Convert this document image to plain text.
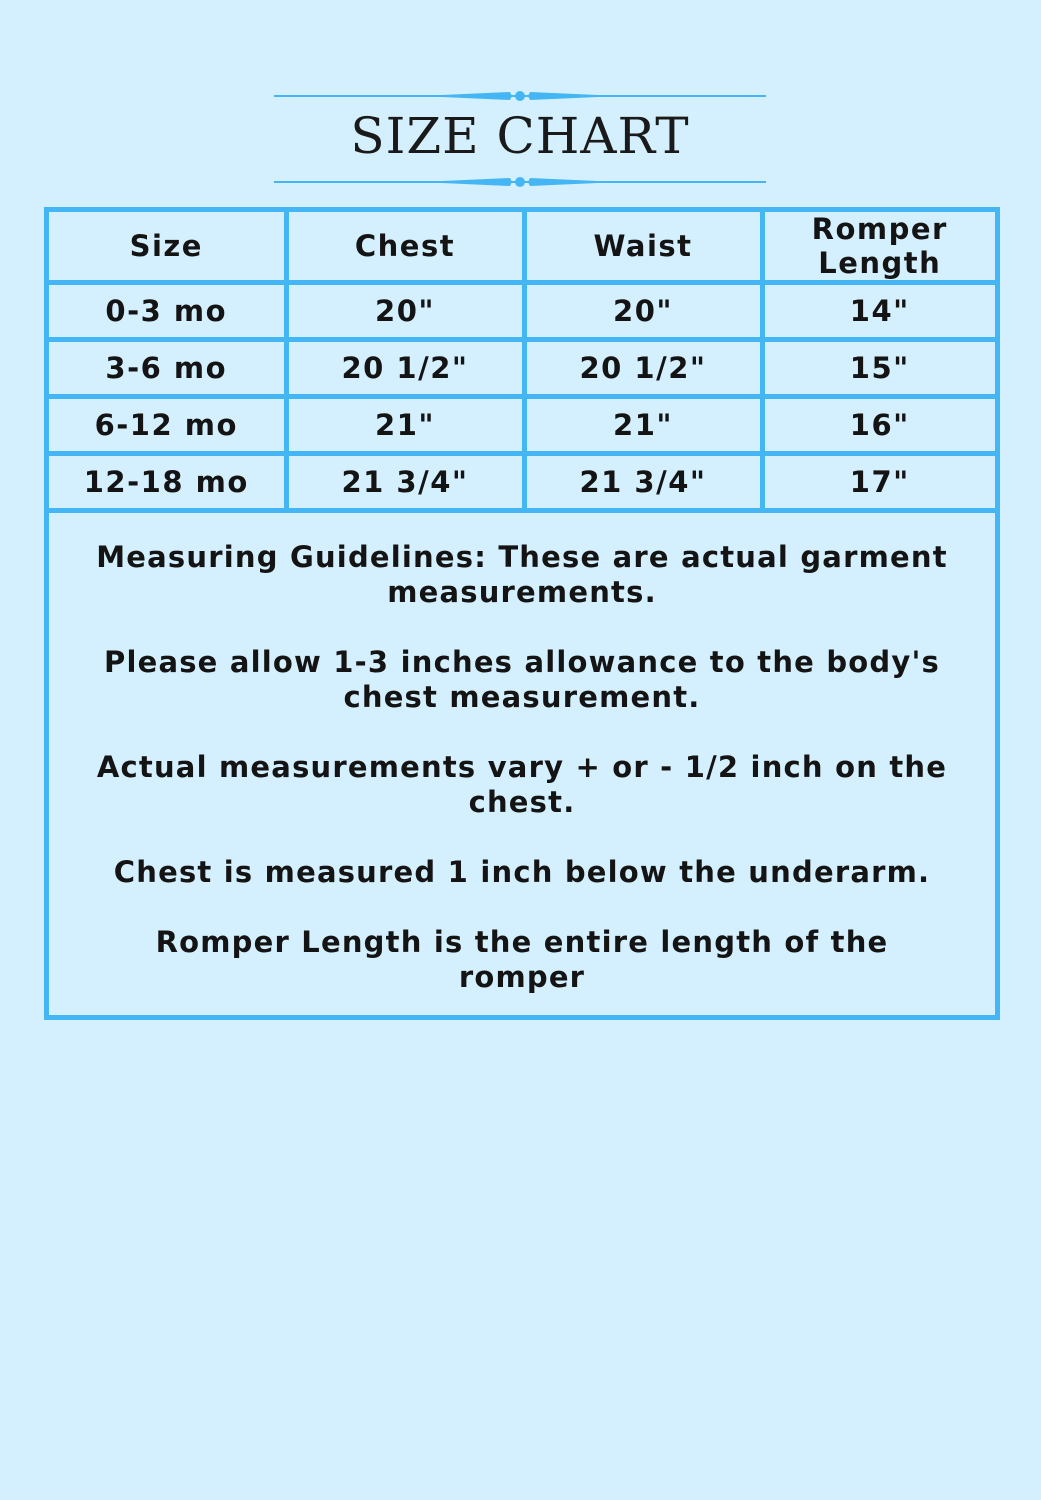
SIZE CHART
Size	Chest	Waist	Romper Length
0-3 mo	20"	20"	14"
3-6 mo	20 1/2"	20 1/2"	15"
6-12 mo	21"	21"	16"
12-18 mo	21 3/4"	21 3/4"	17"

Measuring Guidelines: These are actual garment measurements.

Please allow 1-3 inches allowance to the body's chest measurement.

Actual measurements vary + or - 1/2 inch on the chest.

Chest is measured 1 inch below the underarm.

Romper Length is the entire length of the romper
